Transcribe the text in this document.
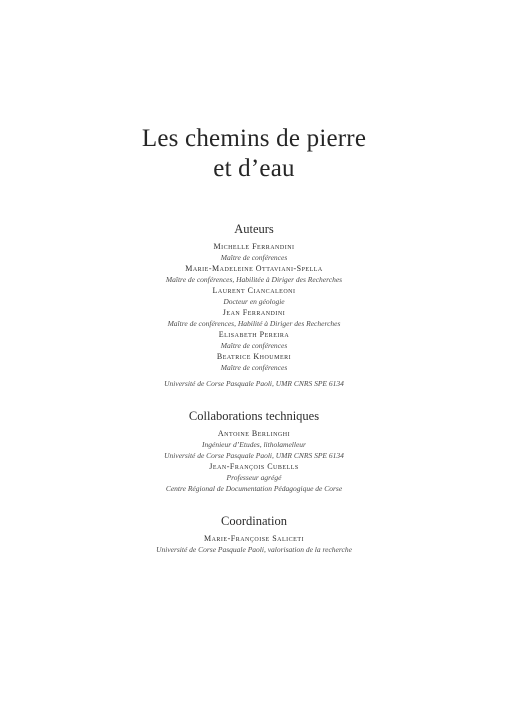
Les chemins de pierre
et d’eau
Auteurs
Michelle Ferrandini
Maître de conférences
Marie-Madeleine Ottaviani-Spella
Maître de conférences, Habilitée à Diriger des Recherches
Laurent Ciancaleoni
Docteur en géologie
Jean Ferrandini
Maître de conférences, Habilité à Diriger des Recherches
Elisabeth Pereira
Maître de conférences
Beatrice Khoumeri
Maître de conférences
Université de Corse Pasquale Paoli, UMR CNRS SPE 6134
Collaborations techniques
Antoine Berlinghi
Ingénieur d’Etudes, litholamelleur
Université de Corse Pasquale Paoli, UMR CNRS SPE 6134
Jean-François Cubells
Professeur agrégé
Centre Régional de Documentation Pédagogique de Corse
Coordination
Marie-Françoise Saliceti
Université de Corse Pasquale Paoli, valorisation de la recherche
